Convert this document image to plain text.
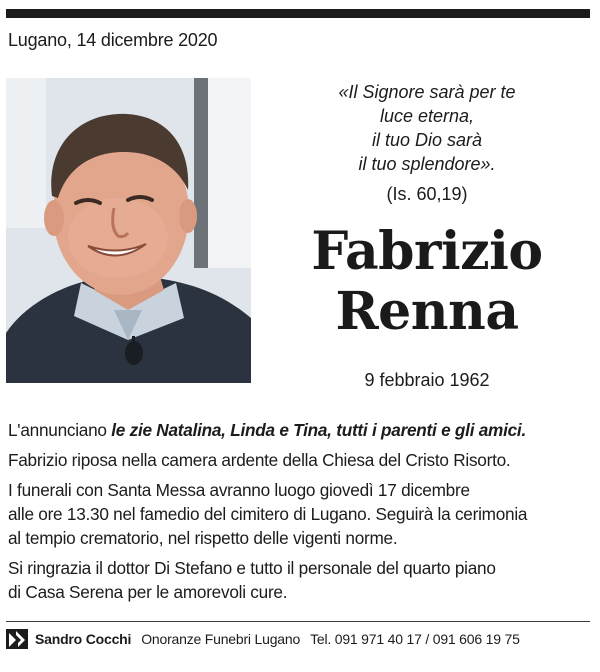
Lugano, 14 dicembre 2020
«Il Signore sarà per te
luce eterna,
il tuo Dio sarà
il tuo splendore».
(Is. 60,19)
Fabrizio
Renna
9 febbraio 1962

L'annunciano le zie Natalina, Linda e Tina, tutti i parenti e gli amici.

Fabrizio riposa nella camera ardente della Chiesa del Cristo Risorto.

I funerali con Santa Messa avranno luogo giovedì 17 dicembre
alle ore 13.30 nel famedio del cimitero di Lugano. Seguirà la cerimonia
al tempio crematorio, nel rispetto delle vigenti norme.

Si ringrazia il dottor Di Stefano e tutto il personale del quarto piano
di Casa Serena per le amorevoli cure.

Sandro Cocchi Onoranze Funebri Lugano Tel. 091 971 40 17 / 091 606 19 75
